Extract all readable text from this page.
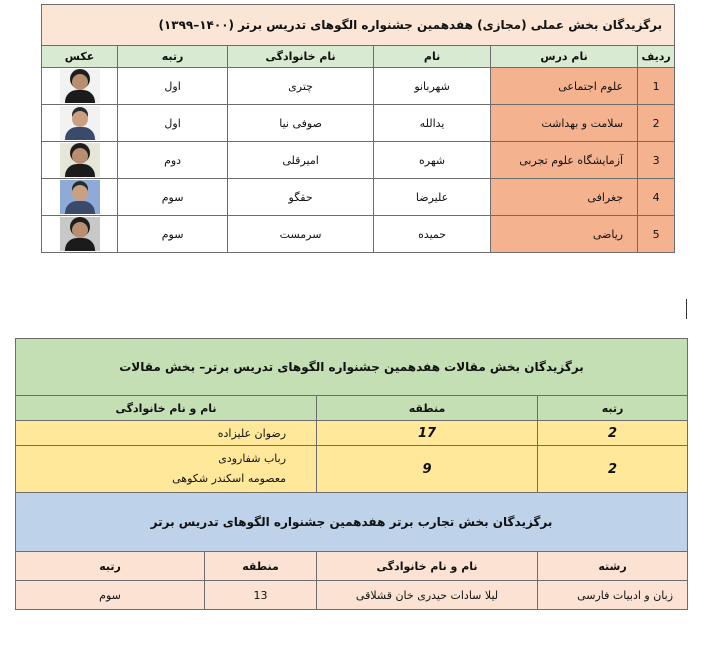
برگزیدگان بخش عملی (مجازی) هفدهمین جشنواره الگوهای تدریس برتر (۱۴۰۰–۱۳۹۹)					
ردیف	نام درس	نام	نام خانوادگی	رتبه	عکس
1	علوم اجتماعی	شهربانو	چتری	اول	

2	سلامت و بهداشت	یدالله	صوفی نیا	اول	

3	آزمایشگاه علوم تجربی	شهره	امیرقلی	دوم	

4	جغرافی	علیرضا	حقگو	سوم	

5	ریاضی	حمیده	سرمست	سوم	
برگزیدگان بخش مقالات هفدهمین جشنواره الگوهای تدریس برتر– بخش مقالات			
رتبه	منطقه	نام و نام خانوادگی	
2	17	رضوان علیزاده	
2	9	رباب شفارودی
معصومه اسکندر شکوهی	

برگزیدگان بخش تجارب برتر هفدهمین جشنواره الگوهای تدریس برتر			
رشته	نام و نام خانوادگی	منطقه	رتبه
زبان و ادبیات فارسی	لیلا سادات حیدری خان قشلاقی	13	سوم
